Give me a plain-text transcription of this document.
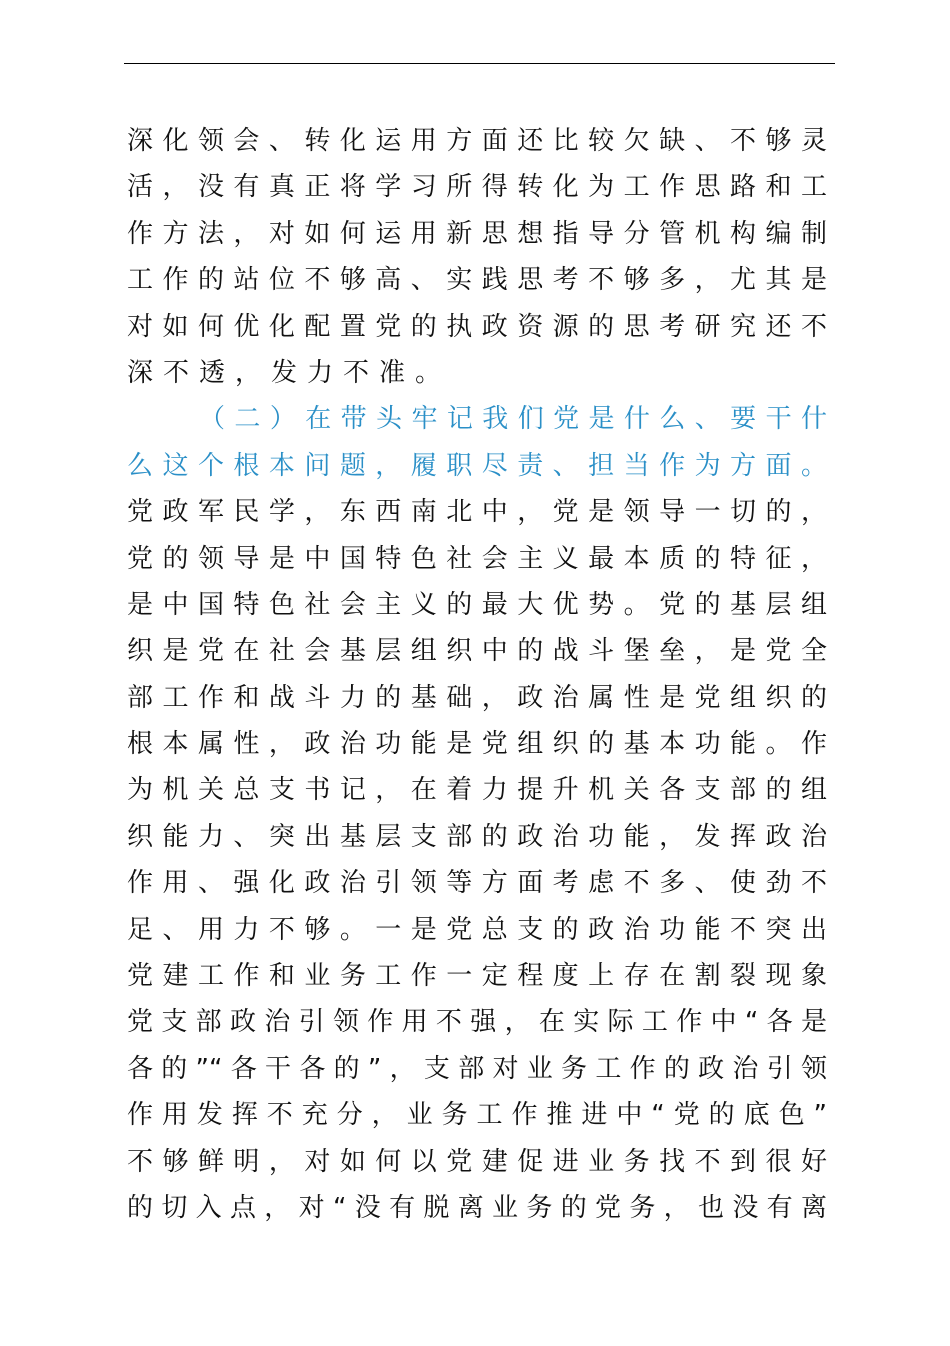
深化领会、转化运用方面还比较欠缺、不够灵
活，没有真正将学习所得转化为工作思路和工
作方法，对如何运用新思想指导分管机构编制
工作的站位不够高、实践思考不够多，尤其是
对如何优化配置党的执政资源的思考研究还不
深不透，发力不准。
（二）在带头牢记我们党是什么、要干什
么这个根本问题，履职尽责、担当作为方面。
党政军民学，东西南北中，党是领导一切的，
党的领导是中国特色社会主义最本质的特征，
是中国特色社会主义的最大优势。党的基层组
织是党在社会基层组织中的战斗堡垒，是党全
部工作和战斗力的基础，政治属性是党组织的
根本属性，政治功能是党组织的基本功能。作
为机关总支书记，在着力提升机关各支部的组
织能力、突出基层支部的政治功能，发挥政治
作用、强化政治引领等方面考虑不多、使劲不
足、用力不够。一是党总支的政治功能不突出
党建工作和业务工作一定程度上存在割裂现象
党支部政治引领作用不强，在实际工作中“各是
各的”“各干各的”，支部对业务工作的政治引领
作用发挥不充分，业务工作推进中“党的底色”
不够鲜明，对如何以党建促进业务找不到很好
的切入点，对“没有脱离业务的党务，也没有离
